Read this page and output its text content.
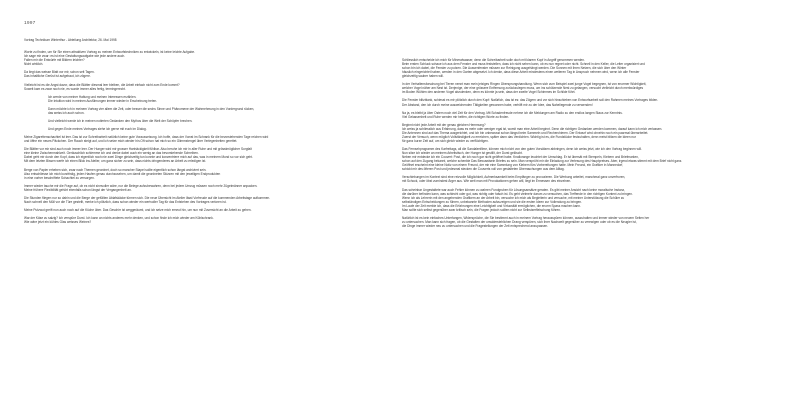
1997

Vortrag Technikum Winterthur - Abteilung Architektur, 26. Mai 1998

Worte zu finden, um für Sie einen attraktiven Vortrag zu meinen Entwurfstechniken zu entwickeln, ist keine leichte Aufgabe.
Ich sage mir zwar: es ist eine Gestaltungsaufgabe wie jede andere auch.
Fallen mir die Entwürfe mit Bildern leichter?
Nicht wirklich.

Da liegt das weisse Blatt vor mir, schon seit Tagen.
Das inhaltliche Gerüst ist aufgebaut, ich zögere.

Vielleicht ist es die Angst davor, dass die Blätter diesmal leer bleiben, die Arbeit einfach nicht zum Ende kommt?
Soweit kam es zwar noch nie, es wurde immer alles fertig, termingerecht.

Ich werde von meiner Haltung und meinen Interessen erzählen.
Die Intuition wird in meinen Ausführungen immer wieder in Erscheinung treten.

Dann möchte ich in meinem Vortrag vier allem die Zeit, oder besser die sechs Sinne und Phänomene der Wahrnehmung in den Vordergrund rücken,
das weiss ich auch schon.

Und vielleicht werde ich in meinen notierten Gedanken den Mythos über die Welt der Schöpfer brechen.

Und gegen Ende meines Vortrages siehe ich gerne mit euch im Dialog.

Meine Zigarettenschachtel ist leer. Das ist zur Schreibarbeit natürlich keine gute Voraussetzung. Ich hoffe, dass der Vorrat im Schrank für die bevorstehenden Tage reichen wird
und öffne ein neues Päckchen. Der Rauch steigt auf, und ich setze mich wieder hin.Oft schon hat mich so ein Glimmstengel über Verlegenheiten gerettet.

Die Blätter vor mir sind auch noch immer leer. Der Hunger wird mir grosser Hartnäckigkeit fühlbar. Also beruhe ich mir in aller Ruhe und mit grösstmöglicher Sorgfalt
eine kleine Zwischenmahlzeit. Geräuschlich schlemme ich und denke dabei auch ein wenig an das bevorstehende Schreiben.
Dabei geht mir durch den Kopf, dass ich eigentlich noch nie zwei Dinge gleichzeitig tun konnte und konzentriere mich auf das, was in meinem Mund so vor sich geht.
Mit dem letzten Bissen werfe ich einen Blick ins Atelier, um ganz sicher zu sein, dass nichts dringenderes an Arbeit zu erledigen ist.

Berge von Papier erheben sich, zwar nach Themen geordnet, doch so mancher Stapel sollte eigentlich schon längst archiviert sein.
Also entschliesse ich mich kurzfristig, jeden Haufen genau durchzusehen, um damit die geordneten Skizzen mit den jeweiligen Endprodukten
in eine vorher beschriftete Schachtel zu versorgen.

Immer wieder tauche mir die Frage auf, ob es nicht sinnvoller wäre, nur die Belege aufzubewahren, denn bei jedem Umzug müssen noch mehr Zügelmänner anpacken.
Meine frühere Flexibilität gehört ebenfalls schon längst der Vergangenheit an.

Die Stunden fliegen nur so dahin und die Berge der gefüllten Ablafskäcke türmen sich. Die neue Übersicht im Atelier lässt Vorfreude auf die kommenden Arbeitstage aufkommen.
Nach schnell den Müll vor die Türe gestellt, merke ich plötzlich, dass schon wieder ein wertvoller Tag für das Entstehen des Vortrages verloren ist.

Meine Putzwut greift nun auch noch auf die Küche über. Das Geschirr ist weggeräumt, und ich setze mich erneut hin, um nun mit Zuversicht an die Arbeit zu gehen.

War der Käse zu salzig? Ich verspüre Durst. Ich kann an nichts anderes mehr denken, und schon finde ich mich wieder am Kühlschrank.
Wie wäre jetzt ein kühles Glas weisses Weines?

Schliesslich entscheide ich mich für Mineralwasser, denn die Schreibarbeit solle doch mit klarem Kopf in Angriff genommen werden.
Beim ersten Schluck schaue ich aus dem Fenster und muss feststellen, dass ich nicht sehen kann, ob es nun regnet oder nicht. Schnell in den Keller, die Leiter organisiert und
schon bin ich dabei, die Fenster zu putzen. Die Aussenfenster müssen zur Reinigung ausgehängt werden. Die Sonnen mit ihren Netzen, die sich über den Winter
häuslich eingerichtet haben, werden in den Garten abgesetzt. Ich denke, dass diese Arbeit mindestens einen weiteren Tag in Anspruch nehmen wird, wenn ich alle Fenster
gleichzeitig sauber haben will.

In der Verhaltensforschung bei Tieren nennt man mein jetziges Ringen Übersprungshandlung. Wenn sich zum Beispiel zwei junge Vogel begegnen, ist von enormer Wichtigkeit,
welcher Vogel näher am Nest ist. Derjenige, der eine grössere Entfernung zurückzulegen muss, um ins schützende Nest zu gelangen, versucht vielleicht durch merkwürdiges
im Boden Wühlen den anderen Vogel abzulenken, denn es könnte ja sein, dass der zweite Vogel Schimmes im Schilde führt.

Die Fenster blitzblank, schiesst es mir plötzlich durch den Kopf: Natürlich, das ist es: das Zögern und vor sich hinschieben von Entwurfsarbeit soll den Rahmen meines Vortrages bilden.
Der Abstand, den ich durch meine ausweichenden Tätigkeiten gewonnen habe, verhilft mir zu der Idee, das Naheliegende zu verwenden!

Na ja, es bleibt ja über Ostern noch viel Zeit für den Vortrag. Mit Schadenfreude nehme ich die Meldungen am Radio zu den endlos langen Staus zur Kenntnis.
Viel Gelassenheit und Ruhe werden mir helfen, die richtigen Worte zu finden.

Beginnt nicht jede Arbeit mit der genau gleichen Hemmung?
Ich weiss ja schliesslich aus Erfahrung, dass es mehr oder weniger egal ist, womit man eine Arbeit beginnt. Denn die richtigen Gedanken werden kommen, darauf kann ich mich verlassen.
Die Antennen sind auf das Thema ausgerichtet, und ich bin unbewusst schon längst beim Sammeln und Recherchieren. Der Entwurf wird ohnehin noch ein paarmal überarbeitet.
Zuerst der Versuch, wenn möglich Vollständigkeit zu erreichen, später dann das Verdichten. Wichtig ist es, die Fundstücke festzuhalten, denn meist blitzen die Ideen nur
für ganz kurze Zeit auf, um sich gleich wieder zu verflüchtigen.

Das Fernsehprogramm des Karfreitags, all die Sandalenfilme, können mich nicht von den guten Vorsätzen abbringen, denn ich weiss jetzt, wie ich den Vortrag beginnen will.
Nun sitze ich wieder an meinem Arbeitstisch, der Hunger ist gestillt, der Durst gelöscht.
Neben mir entdecke ich ein Couvert: Post, die ich noch gar nicht geöffnet habe. Knallorange leuchtet der Umschlag. Er ist übersät mit Stempeln, Klebern und Briefmarken,
schon auf den Zugang bekannt, welche schenkte Das Bewusstsein Briefes zu sein. Man versprüht mir die Einladung zur Verlesung des Hauptpreises. Aber, irgend etwas stimmt mit dem Brief nicht ganz.
Geöffnet erscheint eine kleine Notiz von einem Freund, der mir eine Sammlung von Kiebern fürs Vorbereitungen hatte. Mein Freund, ein Grafiker in Mannedorf,
schickt mir des öfteren Post und jedesmal stecken die Couverts voll von gestalteten Überraschungen aus dem Alltag.

Verschiebungen im Kontext sind eine reizvolle Möglichkeit, Aufmerksamkeit beim Empfänger zu provozieren. Die Werbung arbeitet, manchmal ganz unverfroren,
mit Schock, oder öbst zumindest Ärger aus. Wie weit man mit Provokationen gehen will, liegt im Ermessen des einzelnen.

Das scheinbar Ungestaltete war auch Fehler können zu wahren Fundgruben für Lösungsansätze geraten. Es gibt meiner Ansicht nach keine moralische Instanz,
die darüber befinden kann, was schlecht oder gut, was richtig oder falsch ist. Es geht vielmehr darum zu versuchen, das Treffende in den richtigen Kontext zu bringen.
Wenn ich als Lehrerin mit den angehenden Grafikern an der Arbeit bin, versuche ich mich als Begleiterin und versuche, mit meiner Unterstützung die Schüler zu
selbständigen Entscheidungen zu führen, unbekannte Methoden aufzuzeigen und sie die ersten Ideen zur Vollendung zu bringen.
Im Laufe der Zeit merkte ich, dass die Erfahrungen eine Leichtigkeit und Virtuosität ermöglichen, die enorm Spass machen kann.
Man sollte sich selbst gegenüber zwar kritisch sein, die Fragen jedoch sollten nicht zur Selbstzerfleischung führen.

Natürlich ist es kein einfaches Unterfangen, Widersprüche, die Sie bestimmt auch in meinem Vortrag herausspüren können, auszuhalten und immer wieder von neuem Seiten her
zu untersuchen. Man kann sich fragen, ob die Gestalten der unwiderstehlichen Drang verspüren, sich ihrer Nachwelt gegenüber zu verewigen oder ob es die Neugier ist,
die Dinge immer wieder neu zu untersuchen und die Fragestellungen der Zeit entsprechend anzupassen.
